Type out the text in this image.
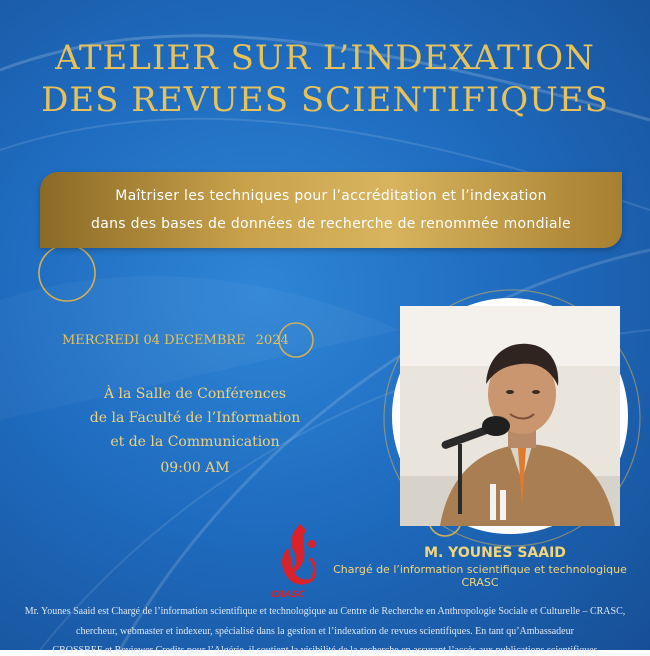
ATELIER SUR L’INDEXATION
DES REVUES SCIENTIFIQUES
Maîtriser les techniques pour l’accréditation et l’indexation
dans des bases de données de recherche de renommée mondiale
MERCREDI 04 DECEMBRE 2024
À la Salle de Conférences
de la Faculté de l’Information
et de la Communication
09:00 AM
M. YOUNES SAAID
Chargé de l’information scientifique et technologique
CRASC
CRASC
Mr. Younes Saaid est Chargé de l’information scientifique et technologique au Centre de Recherche en Anthropologie Sociale et Culturelle – CRASC,
chercheur, webmaster et indexeur, spécialisé dans la gestion et l’indexation de revues scientifiques. En tant qu’Ambassadeur
CROSSREF et Reviewer Credits pour l’Algérie, il soutient la visibilité de la recherche en assurant l’accès aux publications scientifiques
